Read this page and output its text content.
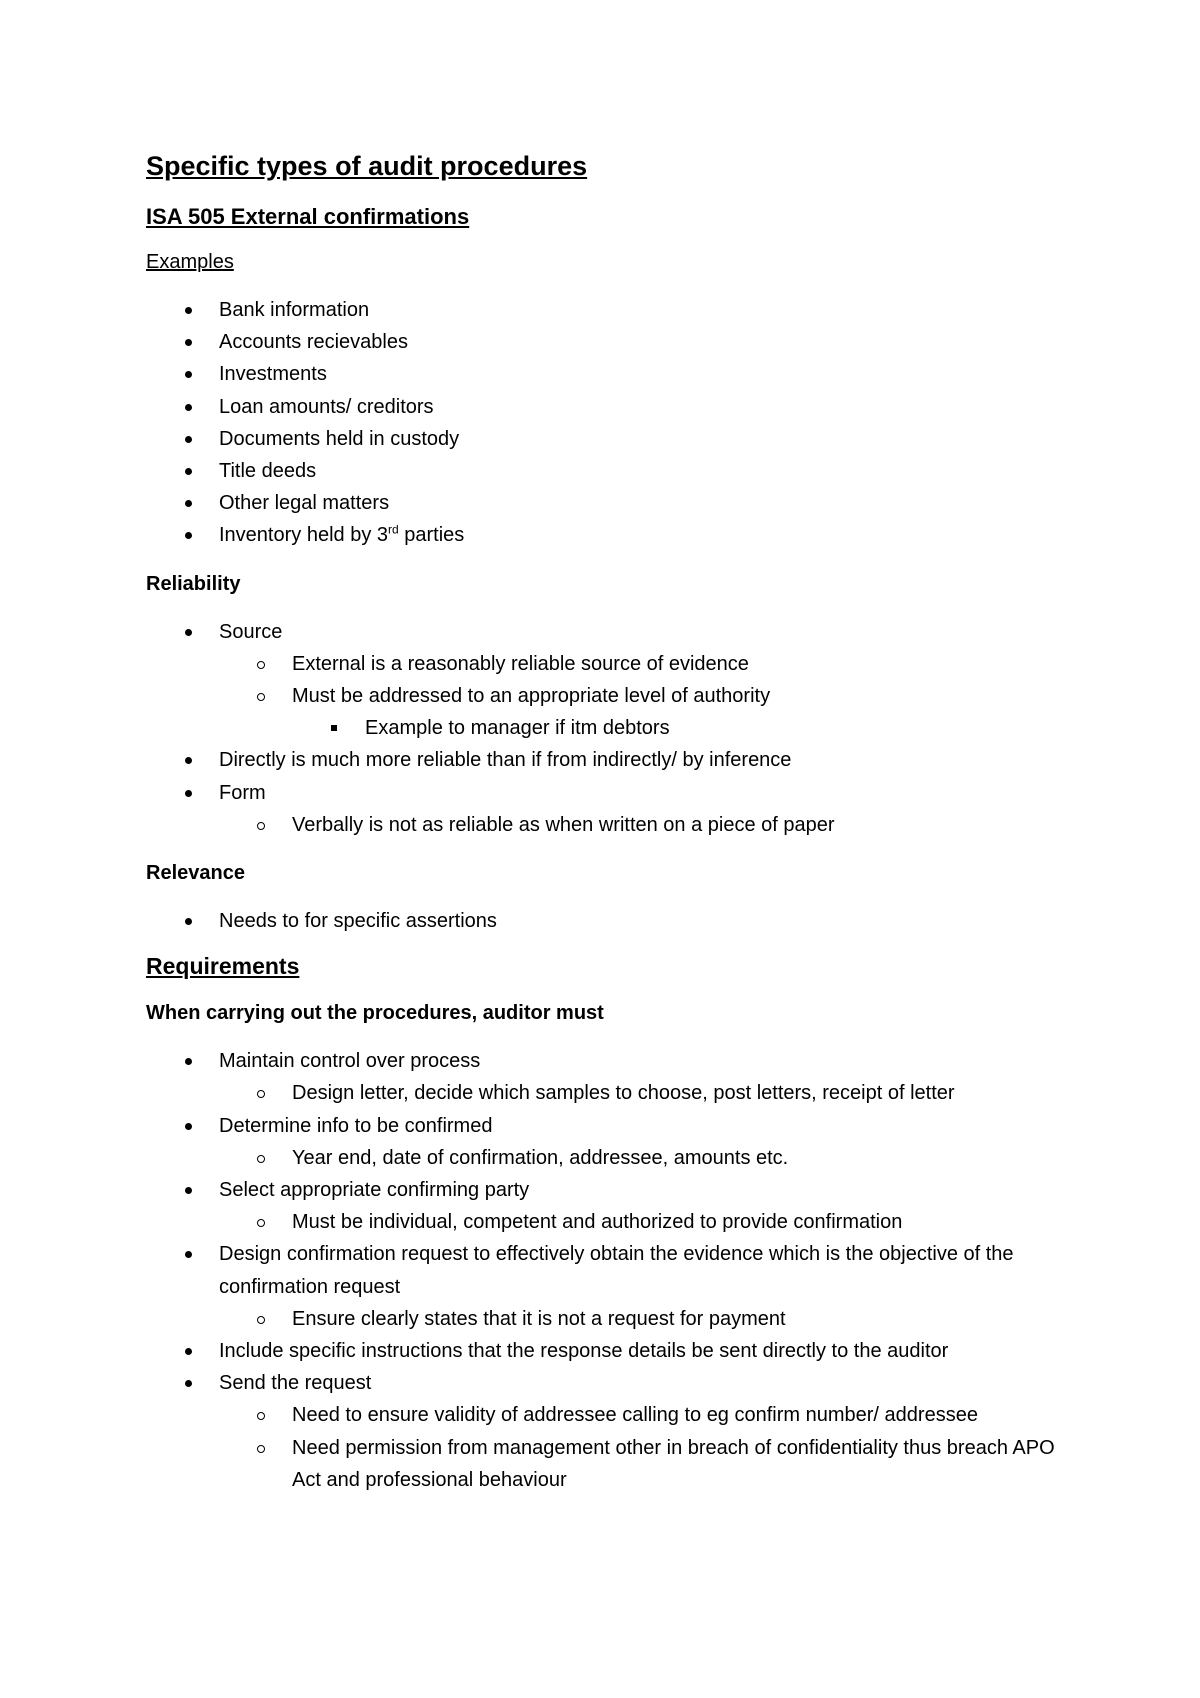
Specific types of audit procedures
ISA 505 External confirmations
Examples
Bank information
Accounts recievables
Investments
Loan amounts/ creditors
Documents held in custody
Title deeds
Other legal matters
Inventory held by 3rd parties
Reliability
Source
External is a reasonably reliable source of evidence
Must be addressed to an appropriate level of authority
Example to manager if itm debtors
Directly is much more reliable than if from indirectly/ by inference
Form
Verbally is not as reliable as when written on a piece of paper
Relevance
Needs to for specific assertions
Requirements
When carrying out the procedures, auditor must
Maintain control over process
Design letter, decide which samples to choose, post letters, receipt of letter
Determine info to be confirmed
Year end, date of confirmation, addressee, amounts etc.
Select appropriate confirming party
Must be individual, competent and authorized to provide confirmation
Design confirmation request to effectively obtain the evidence which is the objective of the confirmation request
Ensure clearly states that it is not a request for payment
Include specific instructions that the response details be sent directly to the auditor
Send the request
Need to ensure validity of addressee calling to eg confirm number/ addressee
Need permission from management other in breach of confidentiality thus breach APO Act and professional behaviour
